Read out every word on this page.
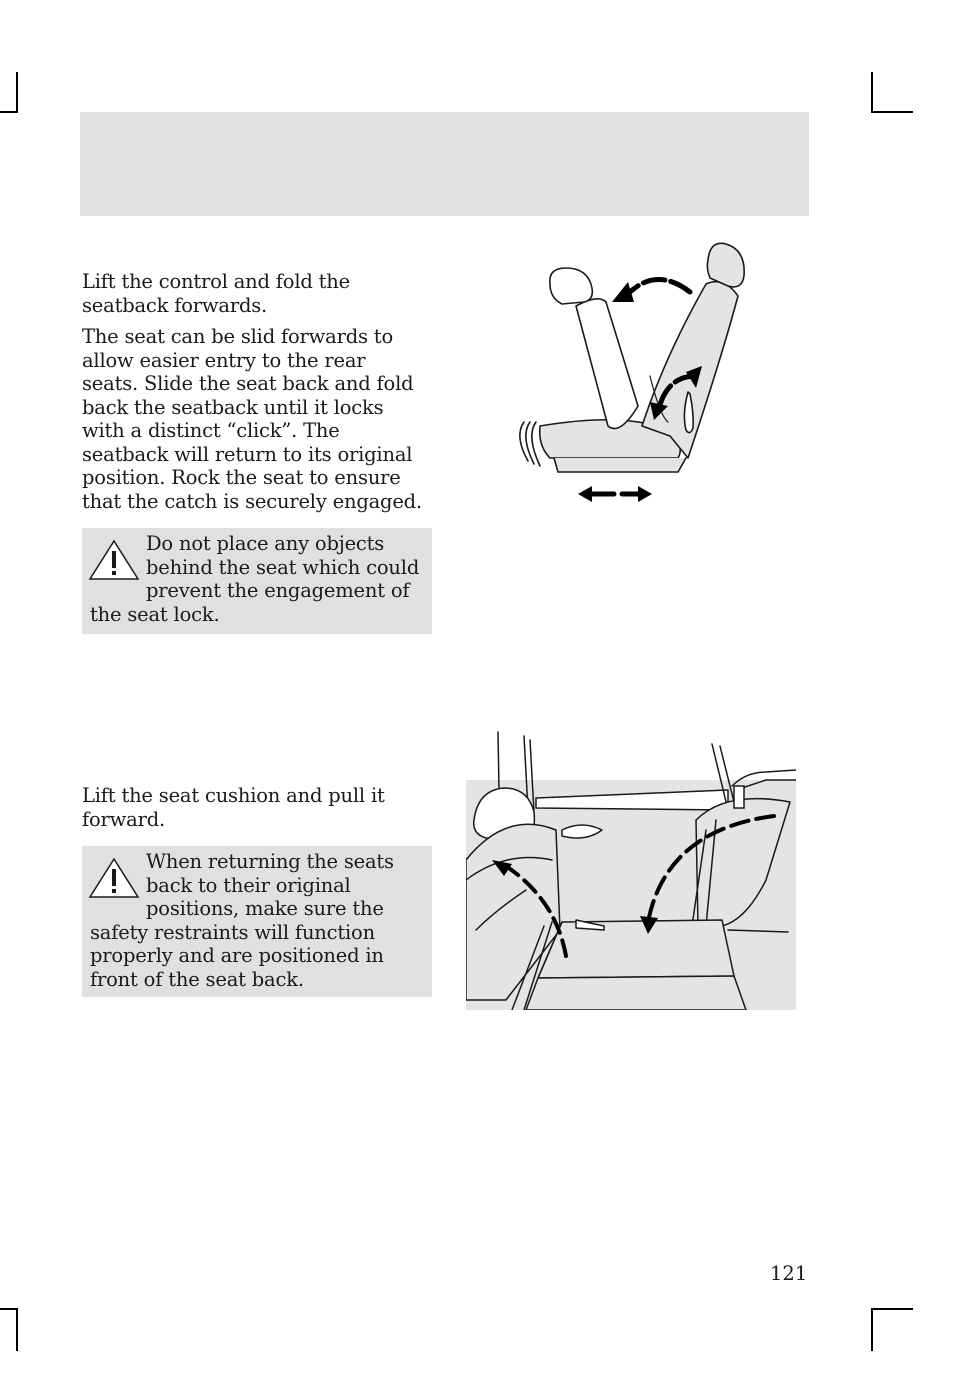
Lift the control and fold the seatback forwards.

The seat can be slid forwards to allow easier entry to the rear seats. Slide the seat back and fold back the seatback until it locks with a distinct “click”. The seatback will return to its original position. Rock the seat to ensure that the catch is securely engaged.

Do not place any objects behind the seat which could prevent the engagement of the seat lock.

Lift the seat cushion and pull it forward.

When returning the seats back to their original positions, make sure the safety restraints will function properly and are positioned in front of the seat back.
121
